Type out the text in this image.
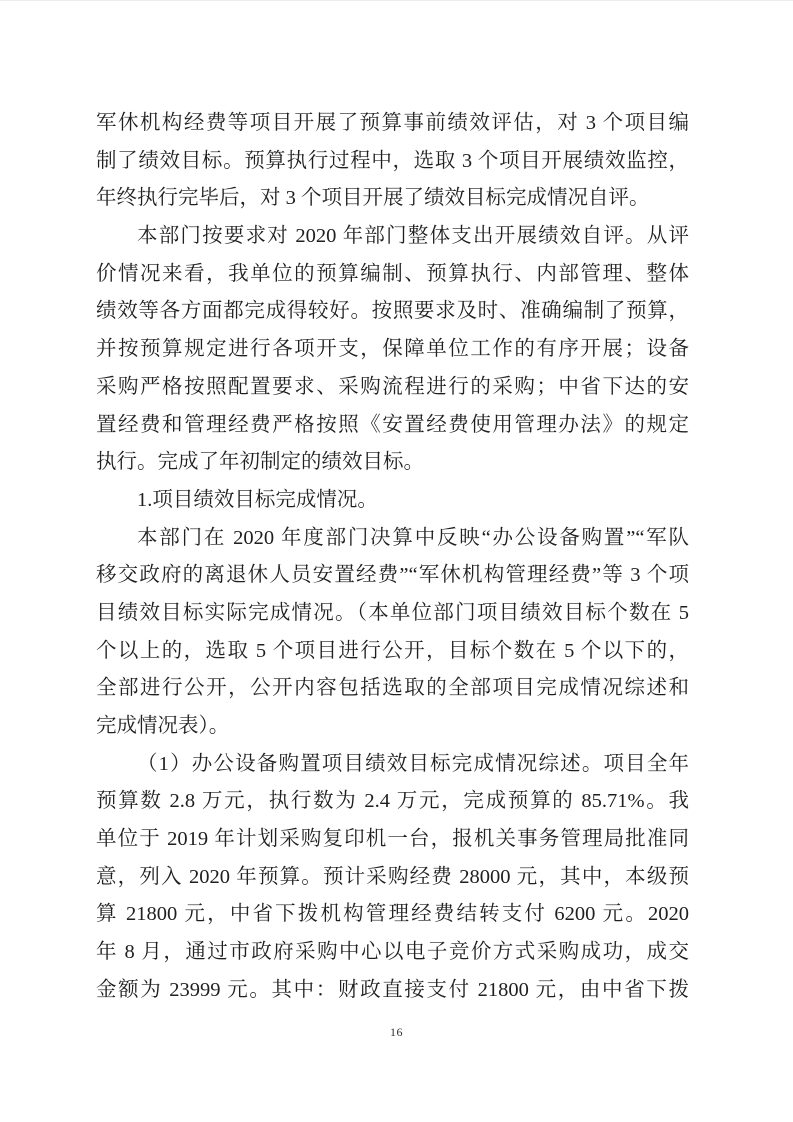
军休机构经费等项目开展了预算事前绩效评估，对 3 个项目编
制了绩效目标。预算执行过程中，选取 3 个项目开展绩效监控，
年终执行完毕后，对 3 个项目开展了绩效目标完成情况自评。
本部门按要求对 2020 年部门整体支出开展绩效自评。从评
价情况来看，我单位的预算编制、预算执行、内部管理、整体
绩效等各方面都完成得较好。按照要求及时、准确编制了预算，
并按预算规定进行各项开支，保障单位工作的有序开展；设备
采购严格按照配置要求、采购流程进行的采购；中省下达的安
置经费和管理经费严格按照《安置经费使用管理办法》的规定
执行。完成了年初制定的绩效目标。
1.项目绩效目标完成情况。
本部门在 2020 年度部门决算中反映“办公设备购置”“军队
移交政府的离退休人员安置经费”“军休机构管理经费”等 3 个项
目绩效目标实际完成情况。（本单位部门项目绩效目标个数在 5
个以上的，选取 5 个项目进行公开，目标个数在 5 个以下的，
全部进行公开，公开内容包括选取的全部项目完成情况综述和
完成情况表）。
（1）办公设备购置项目绩效目标完成情况综述。项目全年
预算数 2.8 万元，执行数为 2.4 万元，完成预算的 85.71%。我
单位于 2019 年计划采购复印机一台，报机关事务管理局批准同
意，列入 2020 年预算。预计采购经费 28000 元，其中，本级预
算 21800 元，中省下拨机构管理经费结转支付 6200 元。2020
年 8 月，通过市政府采购中心以电子竞价方式采购成功，成交
金额为 23999 元。其中：财政直接支付 21800 元，由中省下拨
16
